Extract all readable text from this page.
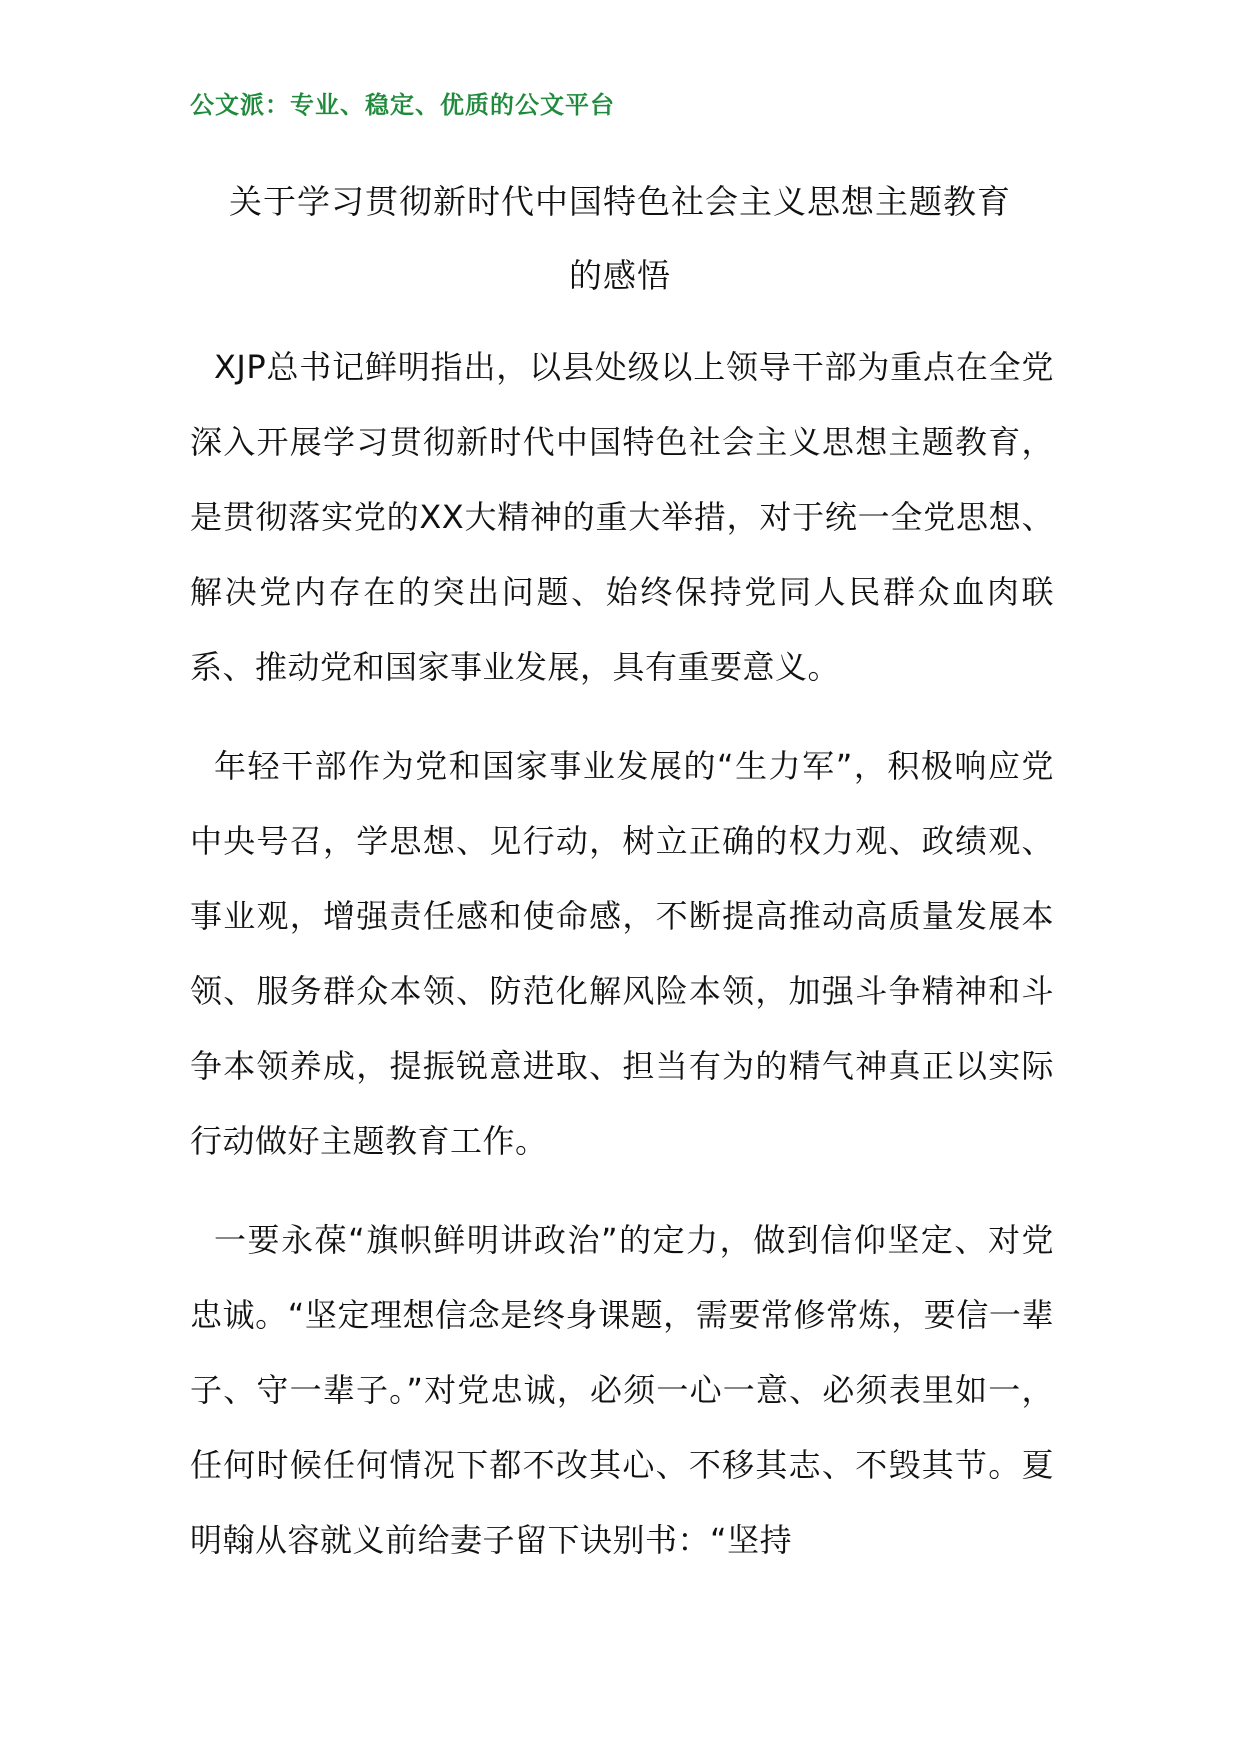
公文派：专业、稳定、优质的公文平台
关于学习贯彻新时代中国特色社会主义思想主题教育
的感悟

XJP总书记鲜明指出，以县处级以上领导干部为重点在全党深入开展学习贯彻新时代中国特色社会主义思想主题教育，是贯彻落实党的XX大精神的重大举措，对于统一全党思想、解决党内存在的突出问题、始终保持党同人民群众血肉联系、推动党和国家事业发展，具有重要意义。

年轻干部作为党和国家事业发展的“生力军”，积极响应党中央号召，学思想、见行动，树立正确的权力观、政绩观、事业观，增强责任感和使命感，不断提高推动高质量发展本领、服务群众本领、防范化解风险本领，加强斗争精神和斗争本领养成，提振锐意进取、担当有为的精气神真正以实际行动做好主题教育工作。

一要永葆“旗帜鲜明讲政治”的定力，做到信仰坚定、对党忠诚。“坚定理想信念是终身课题，需要常修常炼，要信一辈子、守一辈子。”对党忠诚，必须一心一意、必须表里如一，任何时候任何情况下都不改其心、不移其志、不毁其节。夏明翰从容就义前给妻子留下诀别书：“坚持
